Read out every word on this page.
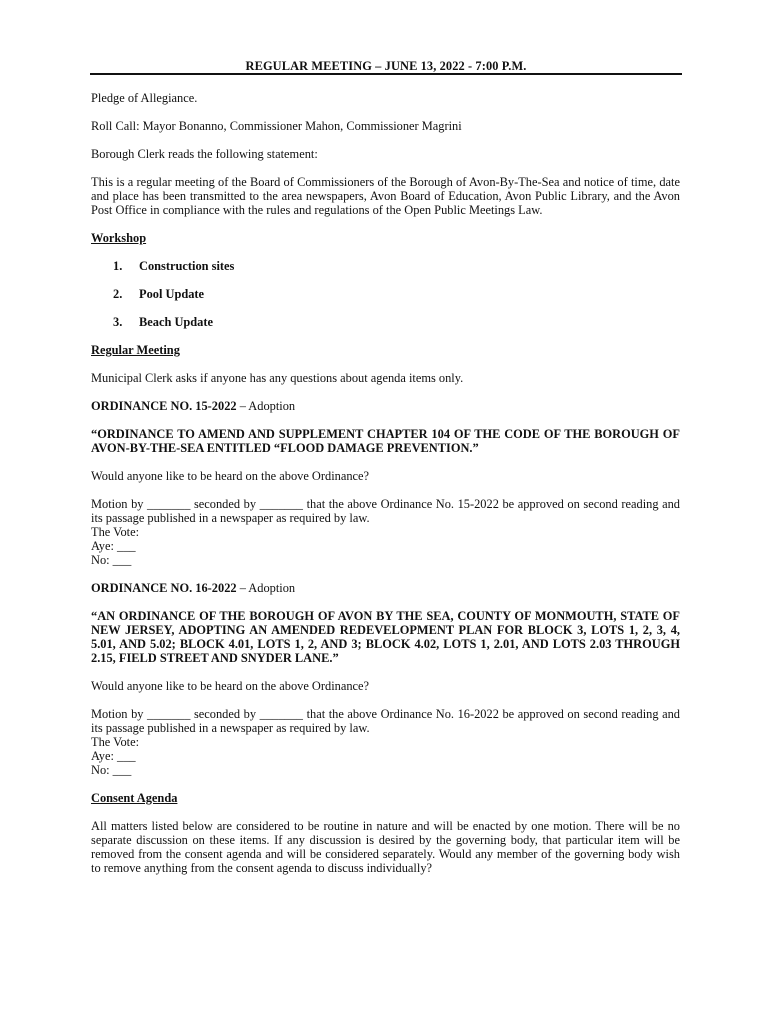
REGULAR MEETING – JUNE 13, 2022 - 7:00 P.M.

Pledge of Allegiance.

Roll Call: Mayor Bonanno, Commissioner Mahon, Commissioner Magrini

Borough Clerk reads the following statement:

This is a regular meeting of the Board of Commissioners of the Borough of Avon-By-The-Sea and notice of time, date and place has been transmitted to the area newspapers, Avon Board of Education, Avon Public Library, and the Avon Post Office in compliance with the rules and regulations of the Open Public Meetings Law.

Workshop

1. Construction sites

2. Pool Update

3. Beach Update

Regular Meeting

Municipal Clerk asks if anyone has any questions about agenda items only.

ORDINANCE NO. 15-2022 – Adoption

“ORDINANCE TO AMEND AND SUPPLEMENT CHAPTER 104 OF THE CODE OF THE BOROUGH OF AVON-BY-THE-SEA ENTITLED “FLOOD DAMAGE PREVENTION.”

Would anyone like to be heard on the above Ordinance?

Motion by _______ seconded by _______ that the above Ordinance No. 15-2022 be approved on second reading and its passage published in a newspaper as required by law.

The Vote:
Aye: ___
No: ___

ORDINANCE NO. 16-2022 – Adoption

“AN ORDINANCE OF THE BOROUGH OF AVON BY THE SEA, COUNTY OF MONMOUTH, STATE OF NEW JERSEY, ADOPTING AN AMENDED REDEVELOPMENT PLAN FOR BLOCK 3, LOTS 1, 2, 3, 4, 5.01, AND 5.02; BLOCK 4.01, LOTS 1, 2, AND 3; BLOCK 4.02, LOTS 1, 2.01, AND LOTS 2.03 THROUGH 2.15, FIELD STREET AND SNYDER LANE.”

Would anyone like to be heard on the above Ordinance?

Motion by _______ seconded by _______ that the above Ordinance No. 16-2022 be approved on second reading and its passage published in a newspaper as required by law.

The Vote:
Aye: ___
No: ___

Consent Agenda

All matters listed below are considered to be routine in nature and will be enacted by one motion. There will be no separate discussion on these items. If any discussion is desired by the governing body, that particular item will be removed from the consent agenda and will be considered separately. Would any member of the governing body wish to remove anything from the consent agenda to discuss individually?
